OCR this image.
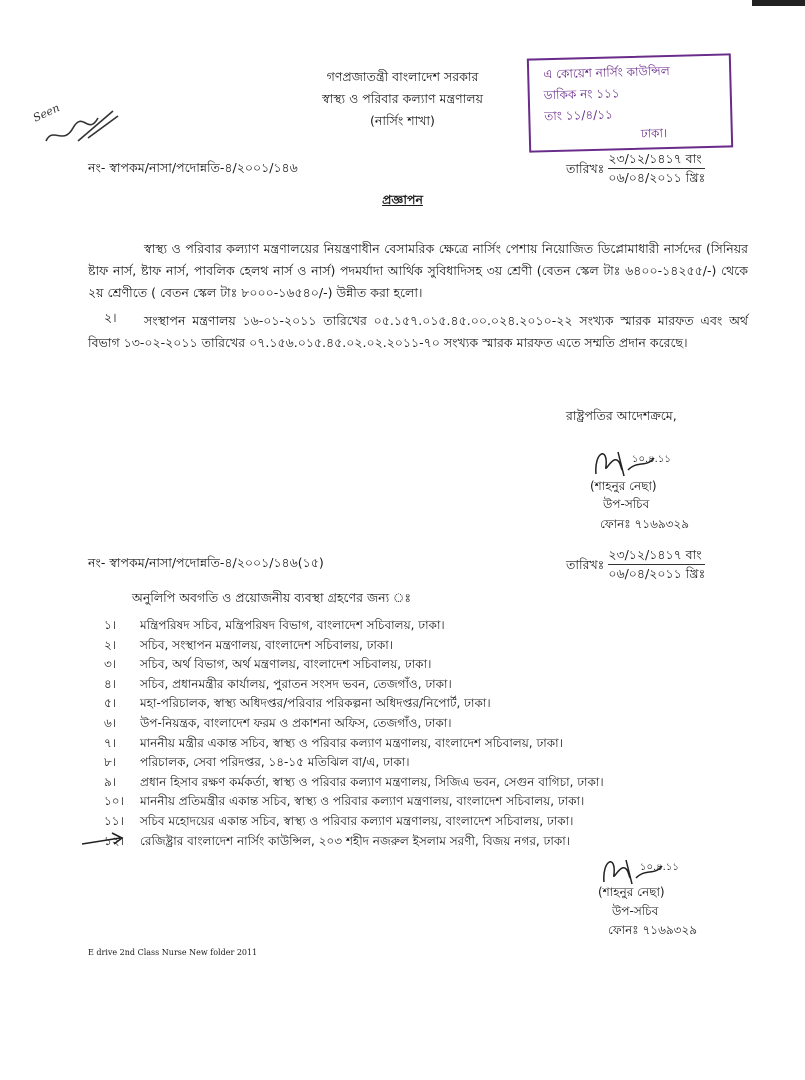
গণপ্রজাতন্ত্রী বাংলাদেশ সরকার
স্বাস্থ্য ও পরিবার কল্যাণ মন্ত্রণালয়
(নার্সিং শাখা)
এ কোয়েশ নার্সিং কাউন্সিল
ডাকিক নং ১১১
তাং ১১/৪/১১
ঢাকা।
Seen
নং- স্বাপকম/নাসা/পদোন্নতি-৪/২০০১/১৪৬	তারিখঃ
২৩/১২/১৪১৭ বাং
০৬/০৪/২০১১ খ্রিঃ
প্রজ্ঞাপন
স্বাস্থ্য ও পরিবার কল্যাণ মন্ত্রণালয়ের নিয়ন্ত্রণাধীন বেসামরিক ক্ষেত্রে নার্সিং পেশায় নিয়োজিত ডিপ্লোমাধারী নার্সদের (সিনিয়র ষ্টাফ নার্স, ষ্টাফ নার্স, পাবলিক হেলথ নার্স ও নার্স) পদমর্যাদা আর্থিক সুবিধাদিসহ ৩য় শ্রেণী (বেতন স্কেল টাঃ ৬৪০০-১৪২৫৫/-) থেকে ২য় শ্রেণীতে ( বেতন স্কেল টাঃ ৮০০০-১৬৫৪০/-) উন্নীত করা হলো।
২।	সংস্থাপন মন্ত্রণালয় ১৬-০১-২০১১ তারিখের ০৫.১৫৭.০১৫.৪৫.০০.০২৪.২০১০-২২ সংখ্যক স্মারক মারফত এবং অর্থ বিভাগ ১৩-০২-২০১১ তারিখের ০৭.১৫৬.০১৫.৪৫.০২.০২.২০১১-৭০ সংখ্যক স্মারক মারফত এতে সম্মতি প্রদান করেছে।
রাষ্ট্রপতির আদেশক্রমে,
১০.৪.১১
(শাহনুর নেছা)
উপ-সচিব
ফোনঃ ৭১৬৯৩২৯
নং- স্বাপকম/নাসা/পদোন্নতি-৪/২০০১/১৪৬(১৫)	তারিখঃ
২৩/১২/১৪১৭ বাং
০৬/০৪/২০১১ খ্রিঃ
অনুলিপি অবগতি ও প্রয়োজনীয় ব্যবস্থা গ্রহণের জন্য ঃ
১। মন্ত্রিপরিষদ সচিব, মন্ত্রিপরিষদ বিভাগ, বাংলাদেশ সচিবালয়, ঢাকা।
২। সচিব, সংস্থাপন মন্ত্রণালয়, বাংলাদেশ সচিবালয়, ঢাকা।
৩। সচিব, অর্থ বিভাগ, অর্থ মন্ত্রণালয়, বাংলাদেশ সচিবালয়, ঢাকা।
৪। সচিব, প্রধানমন্ত্রীর কার্যালয়, পুরাতন সংসদ ভবন, তেজগাঁও, ঢাকা।
৫। মহা-পরিচালক, স্বাস্থ্য অধিদপ্তর/পরিবার পরিকল্পনা অধিদপ্তর/নিপোর্ট, ঢাকা।
৬। উপ-নিয়ন্ত্রক, বাংলাদেশ ফরম ও প্রকাশনা অফিস, তেজগাঁও, ঢাকা।
৭। মাননীয় মন্ত্রীর একান্ত সচিব, স্বাস্থ্য ও পরিবার কল্যাণ মন্ত্রণালয়, বাংলাদেশ সচিবালয়, ঢাকা।
৮। পরিচালক, সেবা পরিদপ্তর, ১৪-১৫ মতিঝিল বা/এ, ঢাকা।
৯। প্রধান হিসাব রক্ষণ কর্মকর্তা, স্বাস্থ্য ও পরিবার কল্যাণ মন্ত্রণালয়, সিজিএ ভবন, সেগুন বাগিচা, ঢাকা।
১০। মাননীয় প্রতিমন্ত্রীর একান্ত সচিব, স্বাস্থ্য ও পরিবার কল্যাণ মন্ত্রণালয়, বাংলাদেশ সচিবালয়, ঢাকা।
১১। সচিব মহোদয়ের একান্ত সচিব, স্বাস্থ্য ও পরিবার কল্যাণ মন্ত্রণালয়, বাংলাদেশ সচিবালয়, ঢাকা।
১২। রেজিষ্ট্রার বাংলাদেশ নার্সিং কাউন্সিল, ২০৩ শহীদ নজরুল ইসলাম সরণী, বিজয় নগর, ঢাকা।
১০.৪.১১
(শাহনুর নেছা)
উপ-সচিব
ফোনঃ ৭১৬৯৩২৯
E drive 2nd Class Nurse New folder 2011
